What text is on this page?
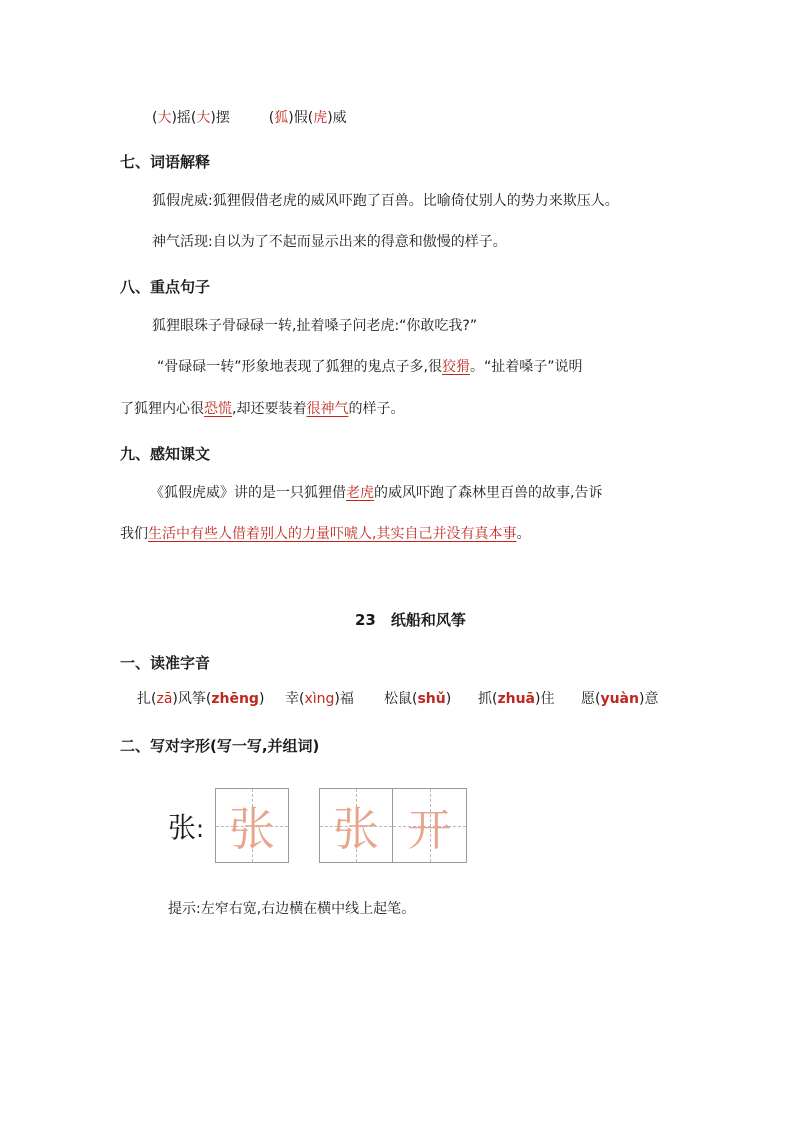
(大)摇(大)摆	(狐)假(虎)威
七、词语解释
狐假虎威:狐狸假借老虎的威风吓跑了百兽。比喻倚仗别人的势力来欺压人。
神气活现:自以为了不起而显示出来的得意和傲慢的样子。
八、重点句子
狐狸眼珠子骨碌碌一转,扯着嗓子问老虎:“你敢吃我?”
“骨碌碌一转”形象地表现了狐狸的鬼点子多,很狡猾。“扯着嗓子”说明
了狐狸内心很恐慌,却还要装着很神气的样子。
九、感知课文
《狐假虎威》讲的是一只狐狸借老虎的威风吓跑了森林里百兽的故事,告诉
我们生活中有些人借着别人的力量吓唬人,其实自己并没有真本事。
23　纸船和风筝
一、读准字音
扎(zā)风筝(zhēng) 幸(xìng)福 松鼠(shǔ) 抓(zhuā)住 愿(yuàn)意
二、写对字形(写一写,并组词)
张: 张 张 开
提示:左窄右宽,右边横在横中线上起笔。
